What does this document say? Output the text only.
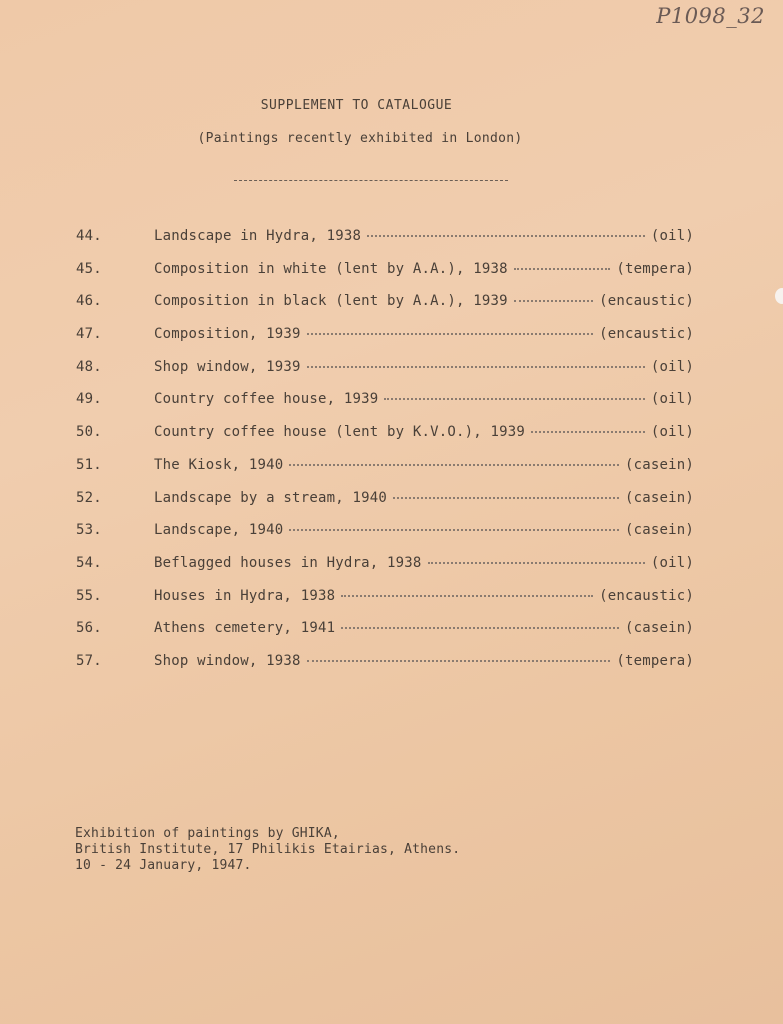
P1098_32
SUPPLEMENT TO CATALOGUE
(Paintings recently exhibited in London)
44.	Landscape in Hydra, 1938	(oil)
45.	Composition in white (lent by A.A.), 1938	(tempera)
46.	Composition in black (lent by A.A.), 1939	(encaustic)
47.	Composition, 1939	(encaustic)
48.	Shop window, 1939	(oil)
49.	Country coffee house, 1939	(oil)
50.	Country coffee house (lent by K.V.O.), 1939	(oil)
51.	The Kiosk, 1940	(casein)
52.	Landscape by a stream, 1940	(casein)
53.	Landscape, 1940	(casein)
54.	Beflagged houses in Hydra, 1938	(oil)
55.	Houses in Hydra, 1938	(encaustic)
56.	Athens cemetery, 1941	(casein)
57.	Shop window, 1938	(tempera)
Exhibition of paintings by GHIKA,
British Institute, 17 Philikis Etairias, Athens.
10 - 24 January, 1947.
